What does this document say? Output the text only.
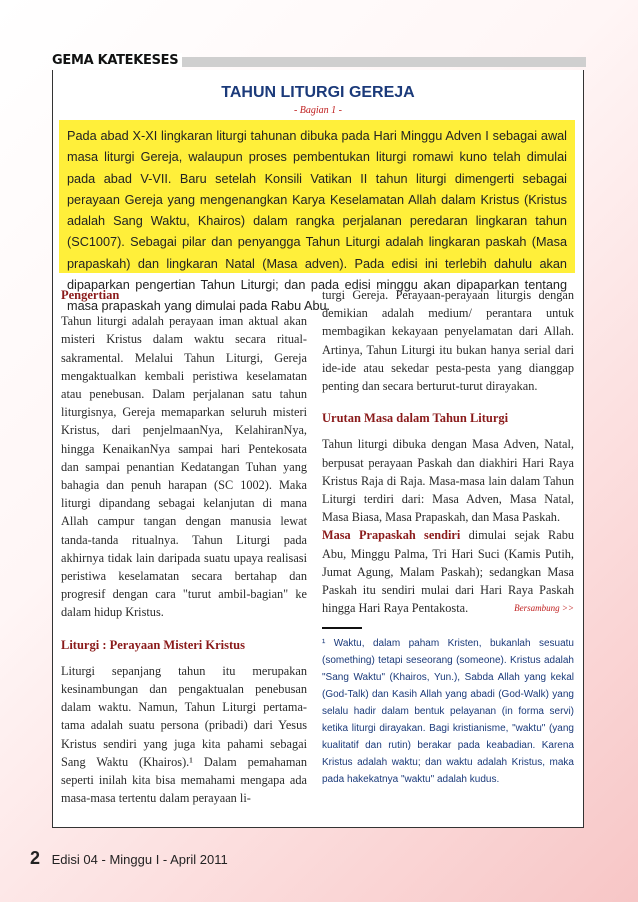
GEMA KATEKESES
TAHUN LITURGI GEREJA
- Bagian 1 -
Pada abad X-XI lingkaran liturgi tahunan dibuka pada Hari Minggu Adven I sebagai awal masa liturgi Gereja, walaupun proses pembentukan liturgi romawi kuno telah dimulai pada abad V-VII. Baru setelah Konsili Vatikan II tahun liturgi dimengerti sebagai perayaan Gereja yang mengenangkan Karya Keselamatan Allah dalam Kristus (Kristus adalah Sang Waktu, Khairos) dalam rangka perjalanan peredaran lingkaran tahun (SC1007). Sebagai pilar dan penyangga Tahun Liturgi adalah lingkaran paskah (Masa prapaskah) dan lingkaran Natal (Masa adven). Pada edisi ini terlebih dahulu akan dipaparkan pengertian Tahun Liturgi; dan pada edisi minggu akan dipaparkan tentang masa prapaskah yang dimulai pada Rabu Abu.
Pengertian

Tahun liturgi adalah perayaan iman aktual akan misteri Kristus dalam waktu secara ritual-sakramental. Melalui Tahun Liturgi, Gereja mengaktualkan kembali peristiwa keselamatan atau penebusan. Dalam perjalanan satu tahun liturgisnya, Gereja memaparkan seluruh misteri Kristus, dari penjelmaanNya, KelahiranNya, hingga KenaikanNya sampai hari Pentekosata dan sampai penantian Kedatangan Tuhan yang bahagia dan penuh harapan (SC 1002). Maka liturgi dipandang sebagai kelanjutan di mana Allah campur tangan dengan manusia lewat tanda-tanda ritualnya. Tahun Liturgi pada akhirnya tidak lain daripada suatu upaya realisasi peristiwa keselamatan secara bertahap dan progresif dengan cara "turut ambil-bagian" ke dalam hidup Kristus.

Liturgi : Perayaan Misteri Kristus

Liturgi sepanjang tahun itu merupakan kesinambungan dan pengaktualan penebusan dalam waktu. Namun, Tahun Liturgi pertama-tama adalah suatu persona (pribadi) dari Yesus Kristus sendiri yang juga kita pahami sebagai Sang Waktu (Khairos).¹ Dalam pemahaman seperti inilah kita bisa memahami mengapa ada masa-masa tertentu dalam perayaan li-

turgi Gereja. Perayaan-perayaan liturgis dengan demikian adalah medium/ perantara untuk membagikan kekayaan penyelamatan dari Allah. Artinya, Tahun Liturgi itu bukan hanya serial dari ide-ide atau sekedar pesta-pesta yang dianggap penting dan secara berturut-turut dirayakan.

Urutan Masa dalam Tahun Liturgi

Tahun liturgi dibuka dengan Masa Adven, Natal, berpusat perayaan Paskah dan diakhiri Hari Raya Kristus Raja di Raja. Masa-masa lain dalam Tahun Liturgi terdiri dari: Masa Adven, Masa Natal, Masa Biasa, Masa Prapaskah, dan Masa Paskah.

Masa Prapaskah sendiri dimulai sejak Rabu Abu, Minggu Palma, Tri Hari Suci (Kamis Putih, Jumat Agung, Malam Paskah); sedangkan Masa Paskah itu sendiri mulai dari Hari Raya Paskah hingga Hari Raya Pentakosta.	Bersambung >>

¹ Waktu, dalam paham Kristen, bukanlah sesuatu (something) tetapi seseorang (someone). Kristus adalah "Sang Waktu" (Khairos, Yun.), Sabda Allah yang kekal (God-Talk) dan Kasih Allah yang abadi (God-Walk) yang selalu hadir dalam bentuk pelayanan (in forma servi) ketika liturgi dirayakan. Bagi kristianisme, "waktu" (yang kualitatif dan rutin) berakar pada keabadian. Karena Kristus adalah waktu; dan waktu adalah Kristus, maka pada hakekatnya "waktu" adalah kudus.

2 Edisi 04 - Minggu I - April 2011
